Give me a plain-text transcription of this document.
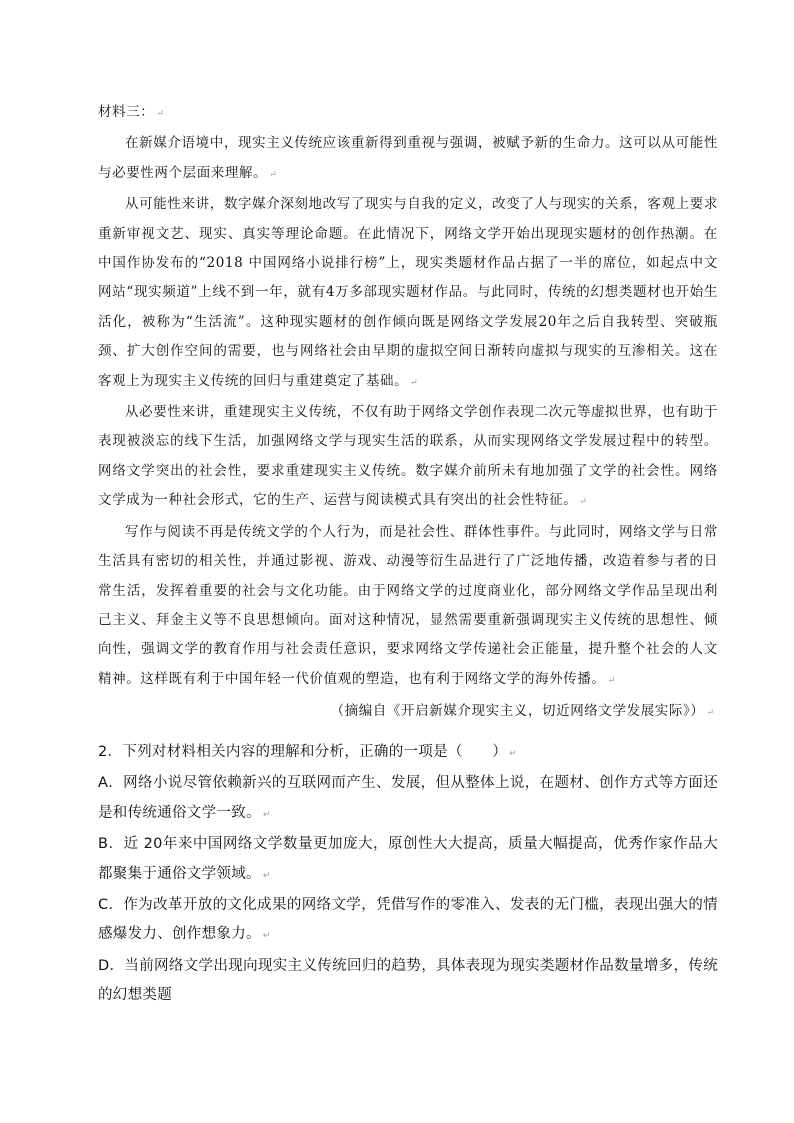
材料三： ↵

在新媒介语境中，现实主义传统应该重新得到重视与强调，被赋予新的生命力。这可以从可能性与必要性两个层面来理解。 ↵

从可能性来讲，数字媒介深刻地改写了现实与自我的定义，改变了人与现实的关系，客观上要求重新审视文艺、现实、真实等理论命题。在此情况下，网络文学开始出现现实题材的创作热潮。在中国作协发布的“2018 中国网络小说排行榜”上，现实类题材作品占据了一半的席位，如起点中文网站“现实频道”上线不到一年，就有4万多部现实题材作品。与此同时，传统的幻想类题材也开始生活化，被称为“生活流”。这种现实题材的创作倾向既是网络文学发展20年之后自我转型、突破瓶颈、扩大创作空间的需要，也与网络社会由早期的虚拟空间日渐转向虚拟与现实的互渗相关。这在客观上为现实主义传统的回归与重建奠定了基础。 ↵

从必要性来讲，重建现实主义传统，不仅有助于网络文学创作表现二次元等虚拟世界，也有助于表现被淡忘的线下生活，加强网络文学与现实生活的联系，从而实现网络文学发展过程中的转型。网络文学突出的社会性，要求重建现实主义传统。数字媒介前所未有地加强了文学的社会性。网络文学成为一种社会形式，它的生产、运营与阅读模式具有突出的社会性特征。 ↵

写作与阅读不再是传统文学的个人行为，而是社会性、群体性事件。与此同时，网络文学与日常生活具有密切的相关性，并通过影视、游戏、动漫等衍生品进行了广泛地传播，改造着参与者的日常生活，发挥着重要的社会与文化功能。由于网络文学的过度商业化，部分网络文学作品呈现出利己主义、拜金主义等不良思想倾向。面对这种情况，显然需要重新强调现实主义传统的思想性、倾向性，强调文学的教育作用与社会责任意识，要求网络文学传递社会正能量，提升整个社会的人文精神。这样既有利于中国年轻一代价值观的塑造，也有利于网络文学的海外传播。 ↵

（摘编自《开启新媒介现实主义，切近网络文学发展实际》） ↵

2．下列对材料相关内容的理解和分析，正确的一项是（　　） ↵

A．网络小说尽管依赖新兴的互联网而产生、发展，但从整体上说，在题材、创作方式等方面还是和传统通俗文学一致。 ↵

B．近 20年来中国网络文学数量更加庞大，原创性大大提高，质量大幅提高，优秀作家作品大都聚集于通俗文学领域。 ↵

C．作为改革开放的文化成果的网络文学，凭借写作的零准入、发表的无门槛，表现出强大的情感爆发力、创作想象力。 ↵

D．当前网络文学出现向现实主义传统回归的趋势，具体表现为现实类题材作品数量增多，传统的幻想类题
